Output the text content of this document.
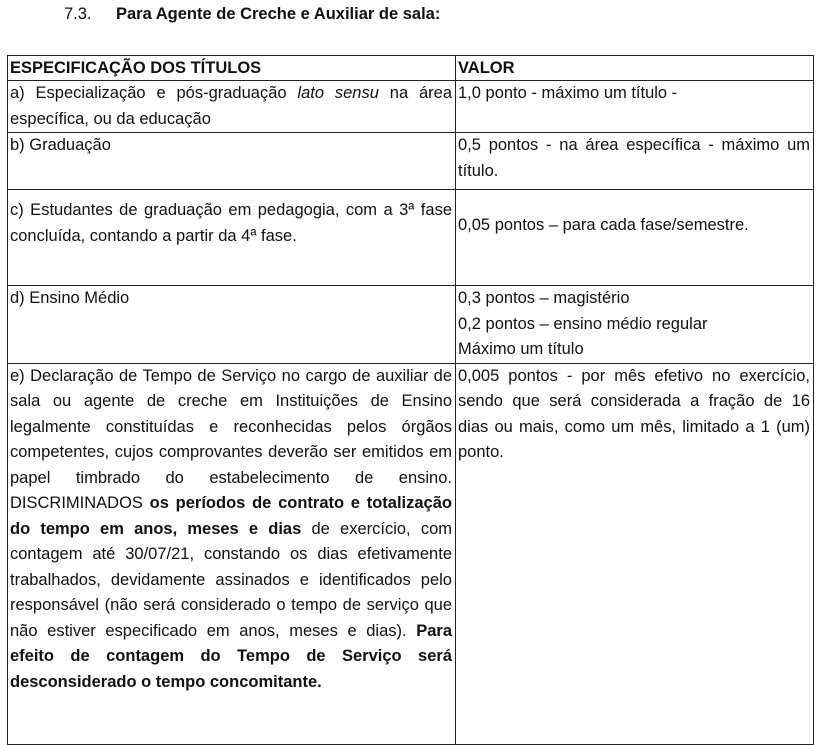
7.3. Para Agente de Creche e Auxiliar de sala:
ESPECIFICAÇÃO DOS TÍTULOS	VALOR
a) Especialização e pós-graduação lato sensu na área específica, ou da educação	1,0 ponto - máximo um título -
b) Graduação	0,5 pontos - na área específica - máximo um título.
c) Estudantes de graduação em pedagogia, com a 3ª fase concluída, contando a partir da 4ª fase.	0,05 pontos – para cada fase/semestre.
d) Ensino Médio	0,3 pontos – magistério
0,2 pontos – ensino médio regular
Máximo um título

e) Declaração de Tempo de Serviço no cargo de auxiliar de sala ou agente de creche em Instituições de Ensino legalmente constituídas e reconhecidas pelos órgãos competentes, cujos comprovantes deverão ser emitidos em papel timbrado do estabelecimento de ensino. DISCRIMINADOS os períodos de contrato e totalização do tempo em anos, meses e dias de exercício, com contagem até 30/07/21, constando os dias efetivamente trabalhados, devidamente assinados e identificados pelo responsável (não será considerado o tempo de serviço que não estiver especificado em anos, meses e dias). Para efeito de contagem do Tempo de Serviço será desconsiderado o tempo concomitante.	0,005 pontos - por mês efetivo no exercício, sendo que será considerada a fração de 16 dias ou mais, como um mês, limitado a 1 (um) ponto.
